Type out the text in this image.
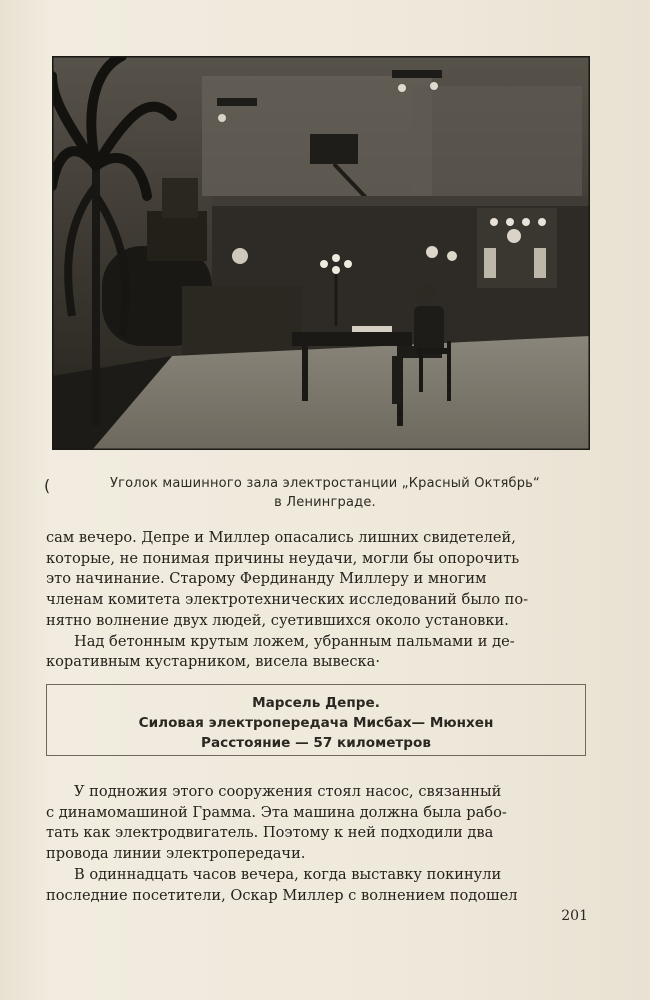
(	Уголок машинного зала электростанции „Красный Октябрь“
в Ленинграде.

сам вечеро. Депре и Миллер опасались лишних свидетелей,
которые, не понимая причины неудачи, могли бы опорочить
это начинание. Старому Фердинанду Миллеру и многим
членам комитета электротехнических исследований было по-
нятно волнение двух людей, суетившихся около установки.

Над бетонным крутым ложем, убранным пальмами и де-
коративным кустарником, висела вывеска·

Марсель Депре.
Силовая электропередача Мисбах— Мюнхен
Расстояние — 57 километров

У подножия этого сооружения стоял насос, связанный
с динамомашиной Грамма. Эта машина должна была рабо-
тать как электродвигатель. Поэтому к ней подходили два
провода линии электропередачи.

В одиннадцать часов вечера, когда выставку покинули
последние посетители, Оскар Миллер с волнением подошел

201
